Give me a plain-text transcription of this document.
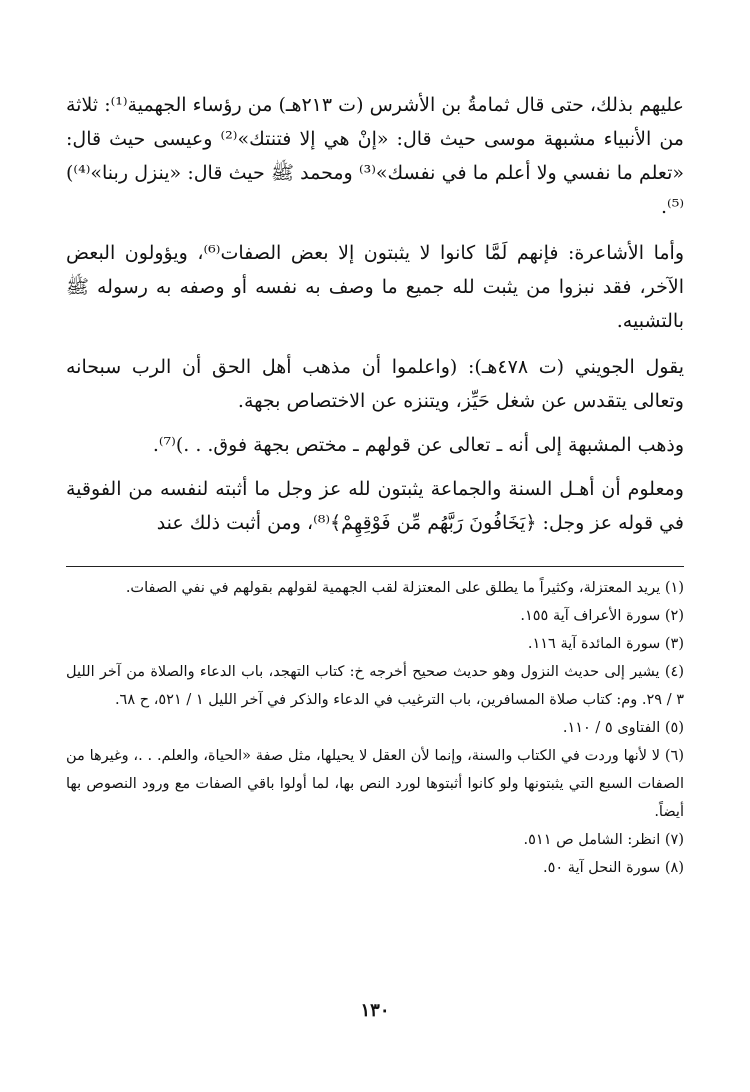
عليهم بذلك، حتى قال ثمامةُ بن الأشرس (ت ٢١٣هـ) من رؤساء الجهمية⁽¹⁾: ثلاثة من الأنبياء مشبهة موسى حيث قال: «إنْ هي إلا فتنتك»⁽²⁾ وعيسى حيث قال: «تعلم ما نفسي ولا أعلم ما في نفسك»⁽³⁾ ومحمد ﷺ حيث قال: «ينزل ربنا»⁽⁴⁾)⁽⁵⁾.

وأما الأشاعرة: فإنهم لَمَّا كانوا لا يثبتون إلا بعض الصفات⁽⁶⁾، ويؤولون البعض الآخر، فقد نبزوا من يثبت لله جميع ما وصف به نفسه أو وصفه به رسوله ﷺ بالتشبيه.

يقول الجويني (ت ٤٧٨هـ): (واعلموا أن مذهب أهل الحق أن الرب سبحانه وتعالى يتقدس عن شغل حَيِّز، ويتنزه عن الاختصاص بجهة.

وذهب المشبهة إلى أنه ـ تعالى عن قولهم ـ مختص بجهة فوق. . .)⁽⁷⁾.

ومعلوم أن أهـل السنة والجماعة يثبتون لله عز وجل ما أثبته لنفسه من الفوقية في قوله عز وجل: ﴿يَخَافُونَ رَبَّهُم مِّن فَوْقِهِمْ﴾⁽⁸⁾، ومن أثبت ذلك عند

(١) يريد المعتزلة، وكثيراً ما يطلق على المعتزلة لقب الجهمية لقولهم بقولهم في نفي الصفات.

(٢) سورة الأعراف آية ١٥٥.

(٣) سورة المائدة آية ١١٦.

(٤) يشير إلى حديث النزول وهو حديث صحيح أخرجه خ: كتاب التهجد، باب الدعاء والصلاة من آخر الليل ٣ / ٢٩. وم: كتاب صلاة المسافرين، باب الترغيب في الدعاء والذكر في آخر الليل ١ / ٥٢١، ح ٦٨.

(٥) الفتاوى ٥ / ١١٠.

(٦) لا لأنها وردت في الكتاب والسنة، وإنما لأن العقل لا يحيلها، مثل صفة «الحياة، والعلم. . .، وغيرها من الصفات السبع التي يثبتونها ولو كانوا أثبتوها لورد النص بها، لما أولوا باقي الصفات مع ورود النصوص بها أيضاً.

(٧) انظر: الشامل ص ٥١١.

(٨) سورة النحل آية ٥٠.

١٣٠
